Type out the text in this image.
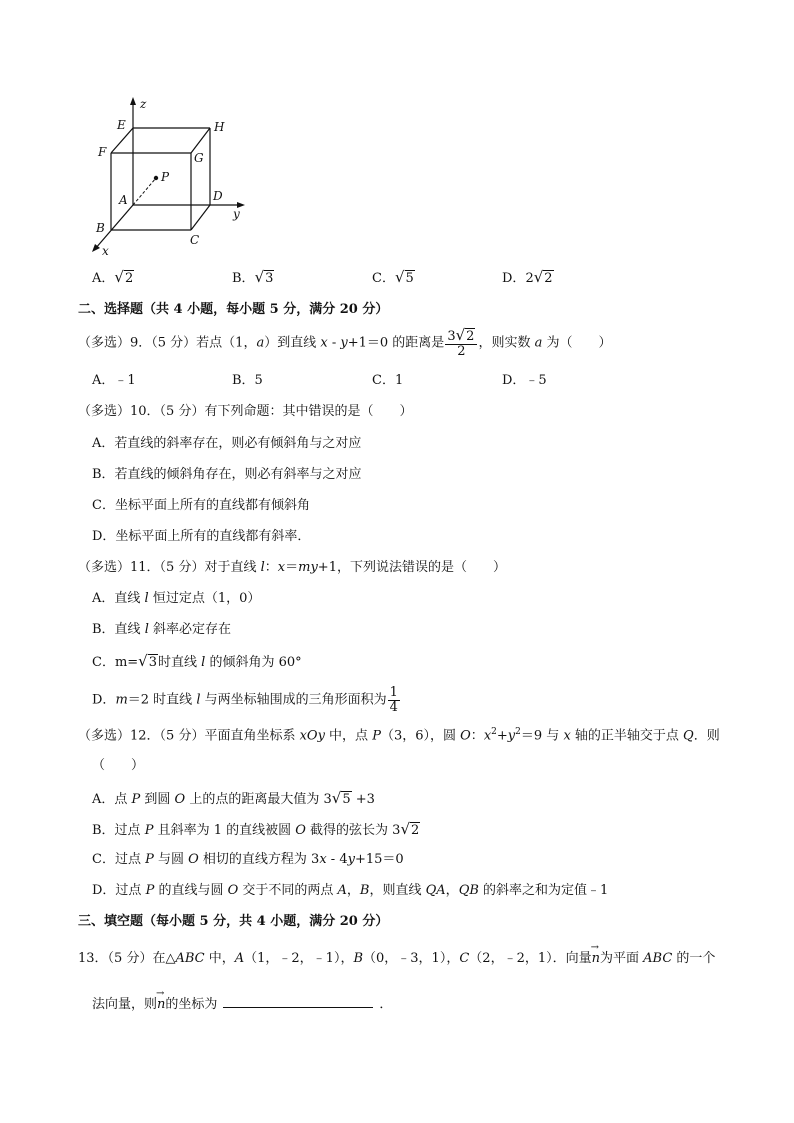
z
E	H
F	G
P
A	D
y
B
C
x
A．√2	B．√3	C．√5	D．2√2
二、选择题（共 4 小题，每小题 5 分，满分 20 分）
（多选）9．（5 分）若点（1，a）到直线 x - y+1＝0 的距离是 $\frac{3√2}{2}$ ，则实数 a 为（　　）
A．﹣1	B．5	C．1	D．﹣5
（多选）10．（5 分）有下列命题：其中错误的是（　　）
A．若直线的斜率存在，则必有倾斜角与之对应
B．若直线的倾斜角存在，则必有斜率与之对应
C．坐标平面上所有的直线都有倾斜角
D．坐标平面上所有的直线都有斜率．
（多选）11．（5 分）对于直线 l：x＝my+1，下列说法错误的是（　　）
A．直线 l 恒过定点（1，0）
B．直线 l 斜率必定存在
C．m=√3时直线 l 的倾斜角为 60°
D．m＝2 时直线 l 与两坐标轴围成的三角形面积为 $\frac{1}{4}$
（多选）12．（5 分）平面直角坐标系 xOy 中，点 P（3，6），圆 O：$x^2+y^2=9$ 与 x 轴的正半轴交于点 Q．则
（　　）
A．点 P 到圆 O 上的点的距离最大值为 3√5 +3
B．过点 P 且斜率为 1 的直线被圆 O 截得的弦长为 3√2
C．过点 P 与圆 O 相切的直线方程为 3x - 4y+15＝0
D．过点 P 的直线与圆 O 交于不同的两点 A，B，则直线 QA，QB 的斜率之和为定值﹣1
三、填空题（每小题 5 分，共 4 小题，满分 20 分）
13．（5 分）在△ABC 中，A（1，﹣2，﹣1），B（0，﹣3，1），C（2，﹣2，1）．向量→ n为平面 ABC 的一个
法向量，则→ n的坐标为	．
